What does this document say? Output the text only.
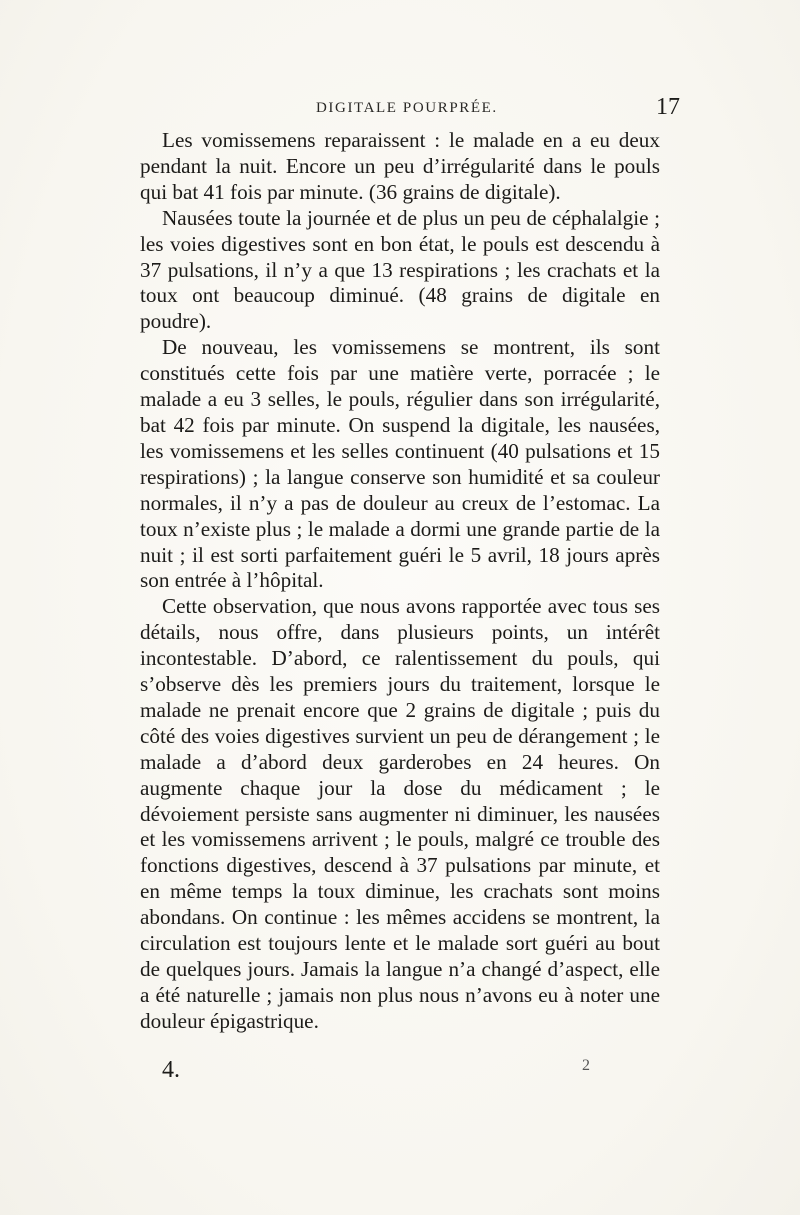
DIGITALE POURPRÉE.	17

Les vomissemens reparaissent : le malade en a eu deux pendant la nuit. Encore un peu d’irrégularité dans le pouls qui bat 41 fois par minute. (36 grains de digitale).

Nausées toute la journée et de plus un peu de céphalalgie ; les voies digestives sont en bon état, le pouls est descendu à 37 pulsations, il n’y a que 13 respirations ; les crachats et la toux ont beaucoup diminué. (48 grains de digitale en poudre).

De nouveau, les vomissemens se montrent, ils sont constitués cette fois par une matière verte, porracée ; le malade a eu 3 selles, le pouls, régulier dans son irrégularité, bat 42 fois par minute. On suspend la digitale, les nausées, les vomissemens et les selles continuent (40 pulsations et 15 respirations) ; la langue conserve son humidité et sa couleur normales, il n’y a pas de douleur au creux de l’estomac. La toux n’existe plus ; le malade a dormi une grande partie de la nuit ; il est sorti parfaitement guéri le 5 avril, 18 jours après son entrée à l’hôpital.

Cette observation, que nous avons rapportée avec tous ses détails, nous offre, dans plusieurs points, un intérêt incontestable. D’abord, ce ralentissement du pouls, qui s’observe dès les premiers jours du traitement, lorsque le malade ne prenait encore que 2 grains de digitale ; puis du côté des voies digestives survient un peu de dérangement ; le malade a d’abord deux garderobes en 24 heures. On augmente chaque jour la dose du médicament ; le dévoiement persiste sans augmenter ni diminuer, les nausées et les vomissemens arrivent ; le pouls, malgré ce trouble des fonctions digestives, descend à 37 pulsations par minute, et en même temps la toux diminue, les crachats sont moins abondans. On continue : les mêmes accidens se montrent, la circulation est toujours lente et le malade sort guéri au bout de quelques jours. Jamais la langue n’a changé d’aspect, elle a été naturelle ; jamais non plus nous n’avons eu à noter une douleur épigastrique.

4.	2
